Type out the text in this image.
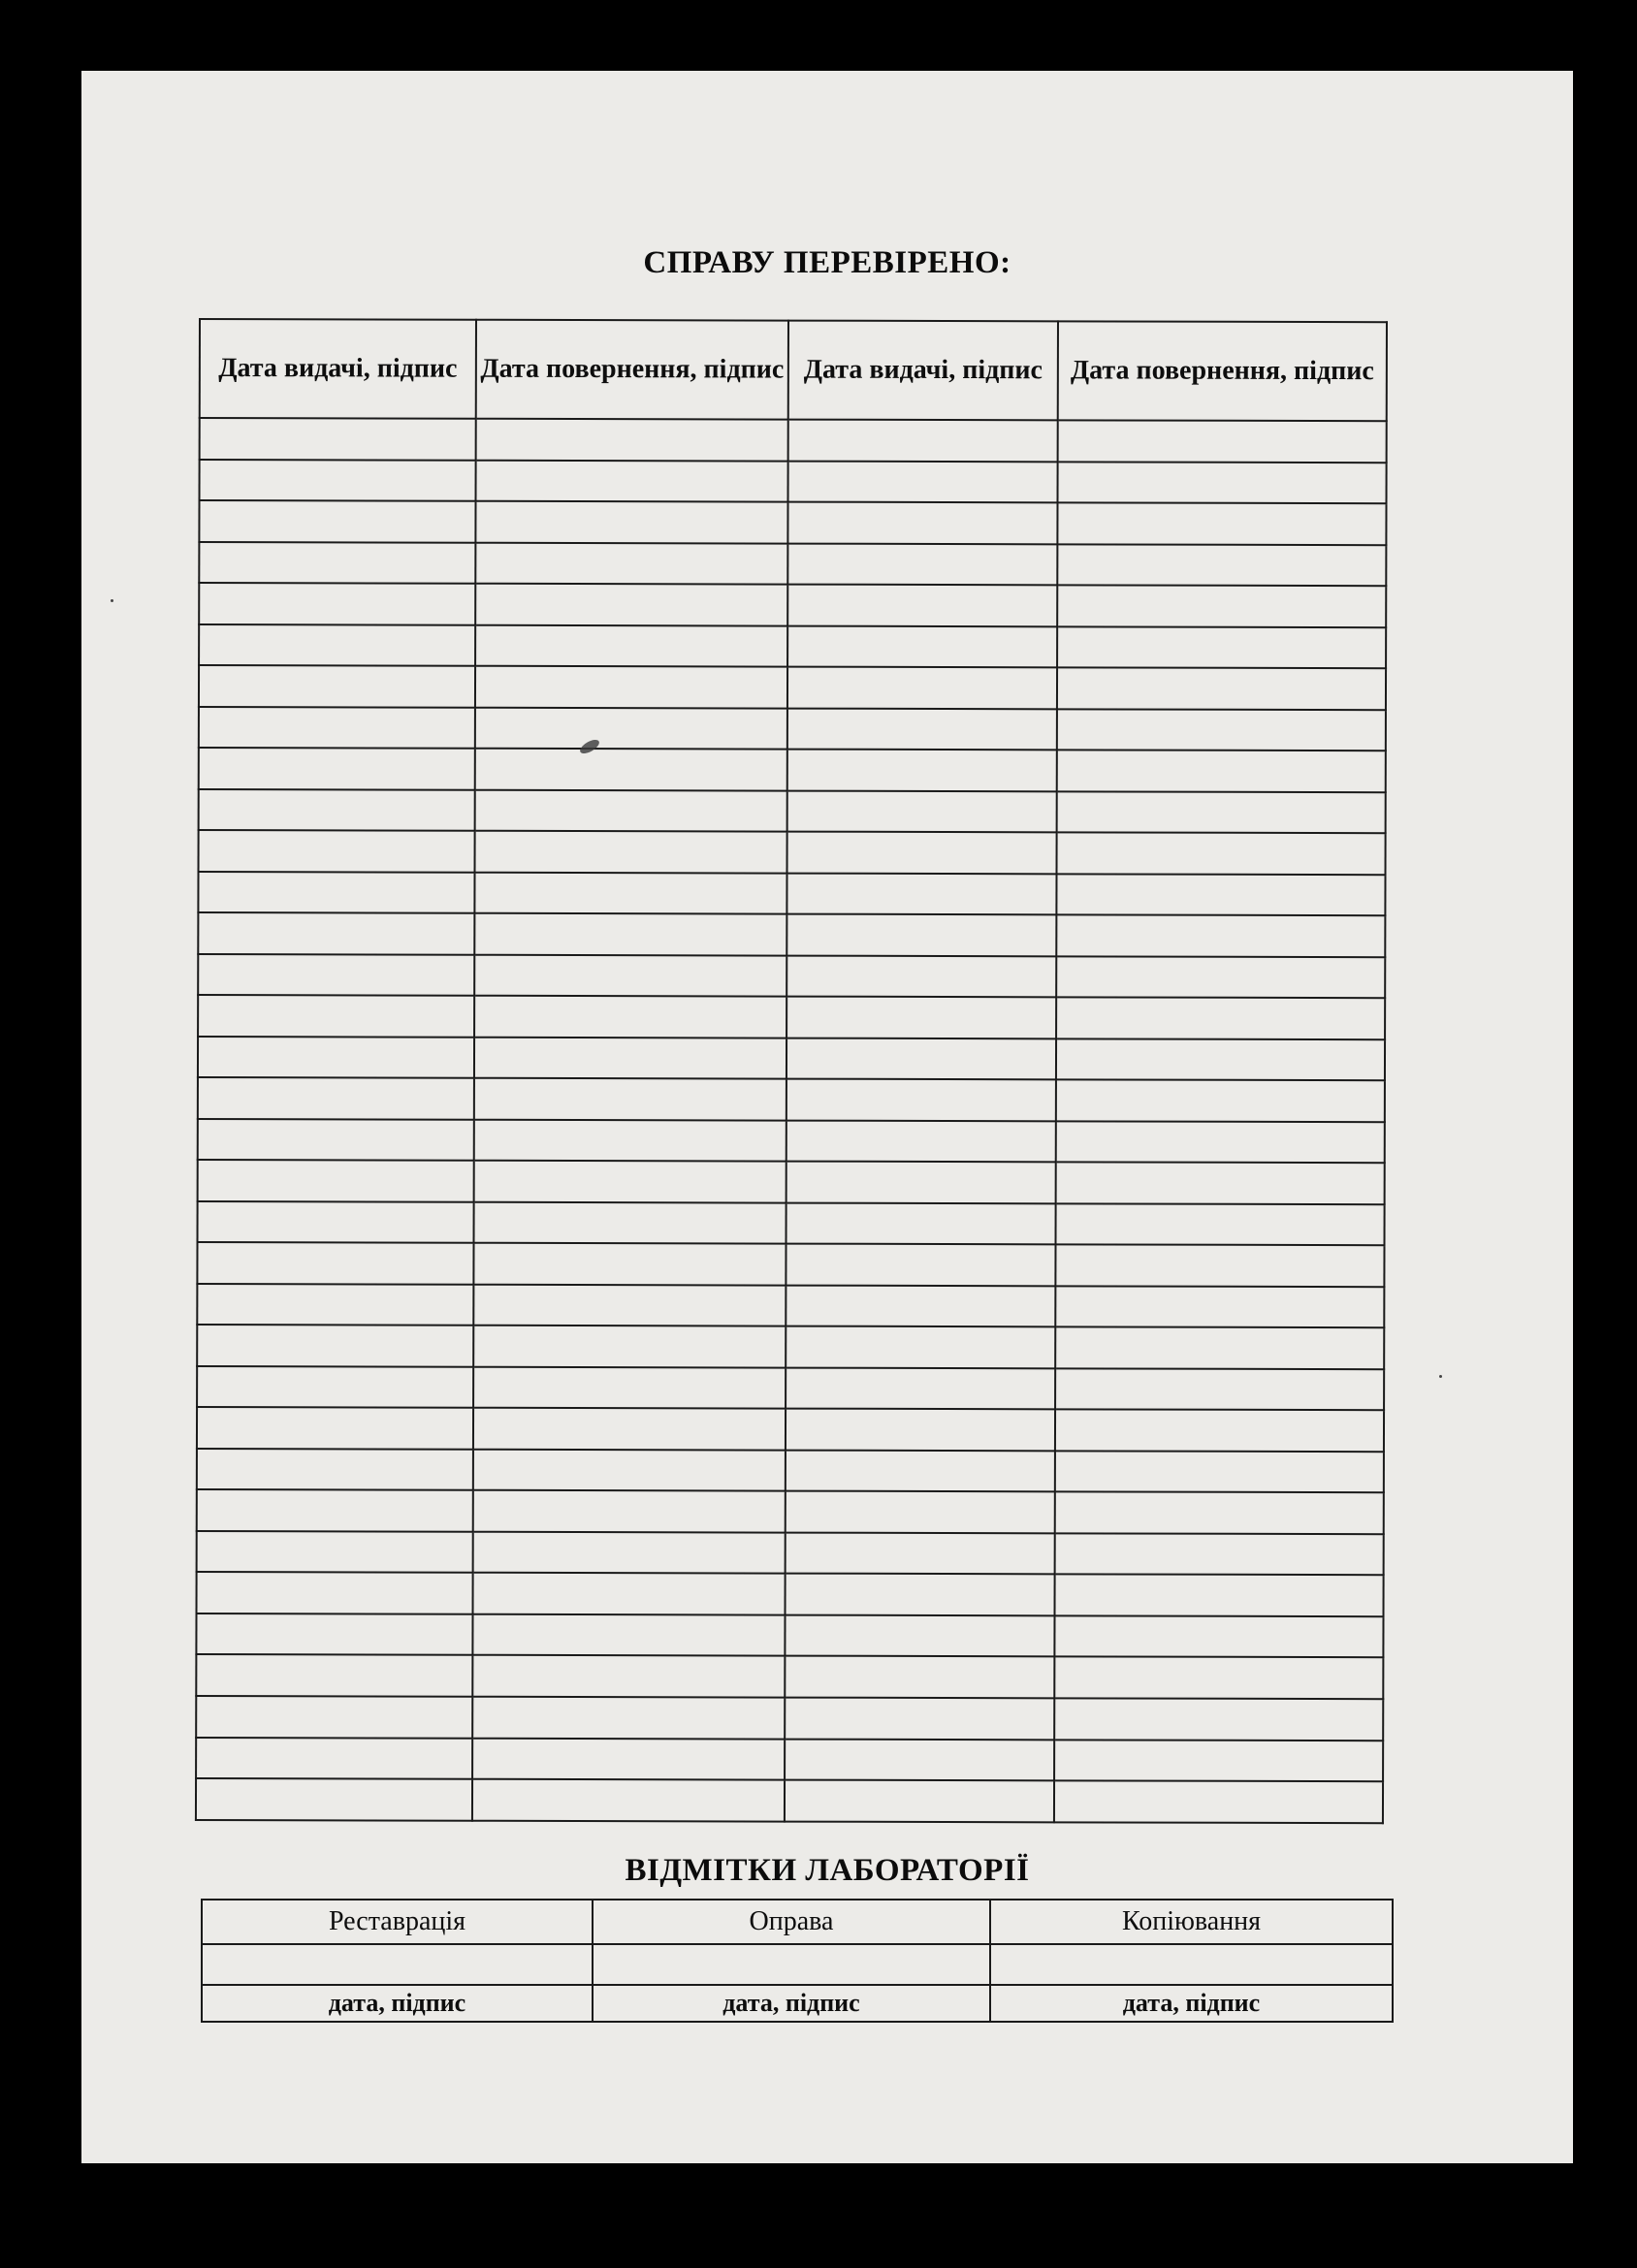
СПРАВУ ПЕРЕВІРЕНО:
Дата видачі, підпис	Дата повернення, підпис	Дата видачі, підпис	Дата повернення, підпис

ВІДМІТКИ ЛАБОРАТОРІЇ
Реставрація	Оправа	Копіювання

дата, підпис	дата, підпис	дата, підпис
